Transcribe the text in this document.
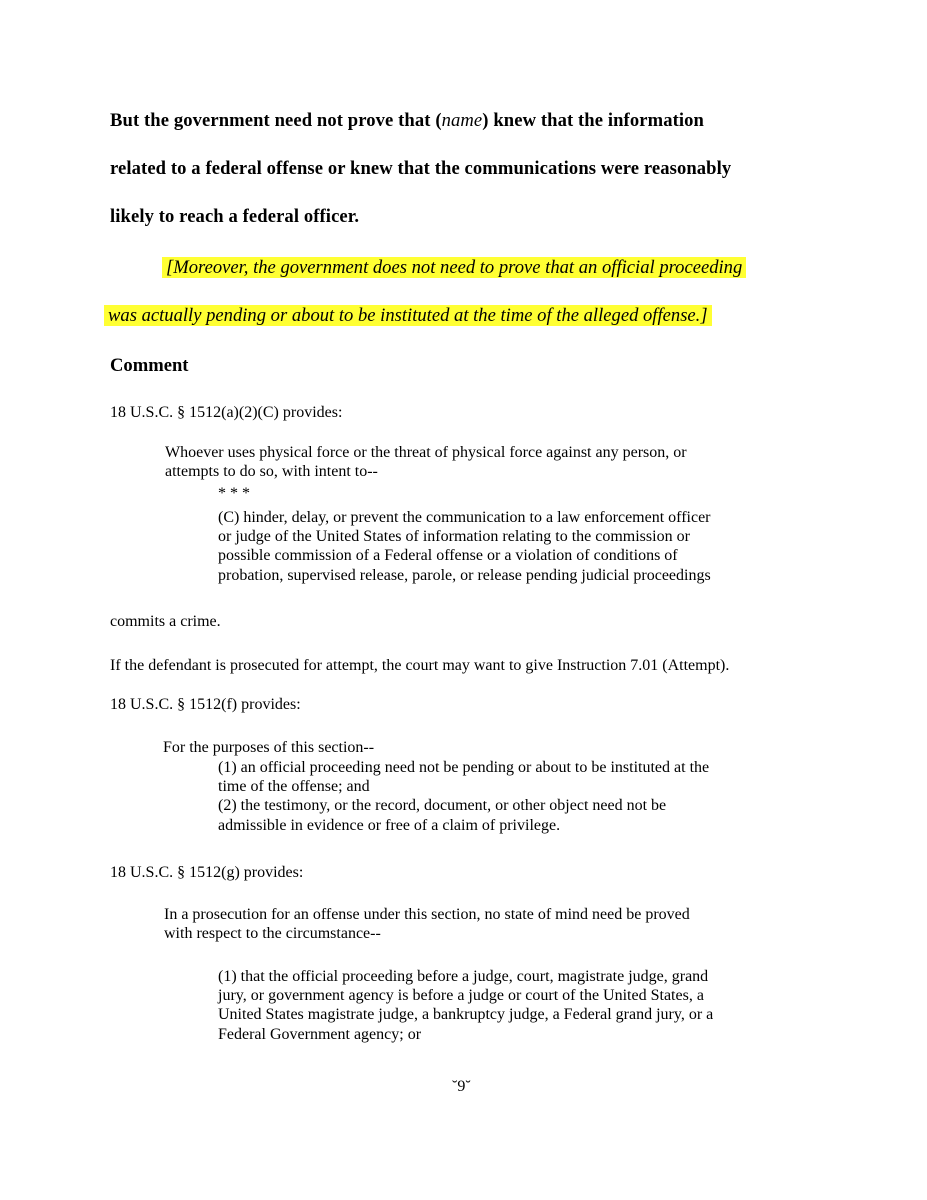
But the government need not prove that (name) knew that the information
related to a federal offense or knew that the communications were reasonably
likely to reach a federal officer.
[Moreover, the government does not need to prove that an official proceeding
was actually pending or about to be instituted at the time of the alleged offense.]
Comment
18 U.S.C. § 1512(a)(2)(C) provides:
Whoever uses physical force or the threat of physical force against any person, or
attempts to do so, with intent to--
* * *
(C) hinder, delay, or prevent the communication to a law enforcement officer
or judge of the United States of information relating to the commission or
possible commission of a Federal offense or a violation of conditions of
probation, supervised release, parole, or release pending judicial proceedings
commits a crime.
If the defendant is prosecuted for attempt, the court may want to give Instruction 7.01 (Attempt).
18 U.S.C. § 1512(f) provides:
For the purposes of this section--
(1) an official proceeding need not be pending or about to be instituted at the
time of the offense; and
(2) the testimony, or the record, document, or other object need not be
admissible in evidence or free of a claim of privilege.
18 U.S.C. § 1512(g) provides:
In a prosecution for an offense under this section, no state of mind need be proved
with respect to the circumstance--
(1) that the official proceeding before a judge, court, magistrate judge, grand
jury, or government agency is before a judge or court of the United States, a
United States magistrate judge, a bankruptcy judge, a Federal grand jury, or a
Federal Government agency; or
˘9˘
